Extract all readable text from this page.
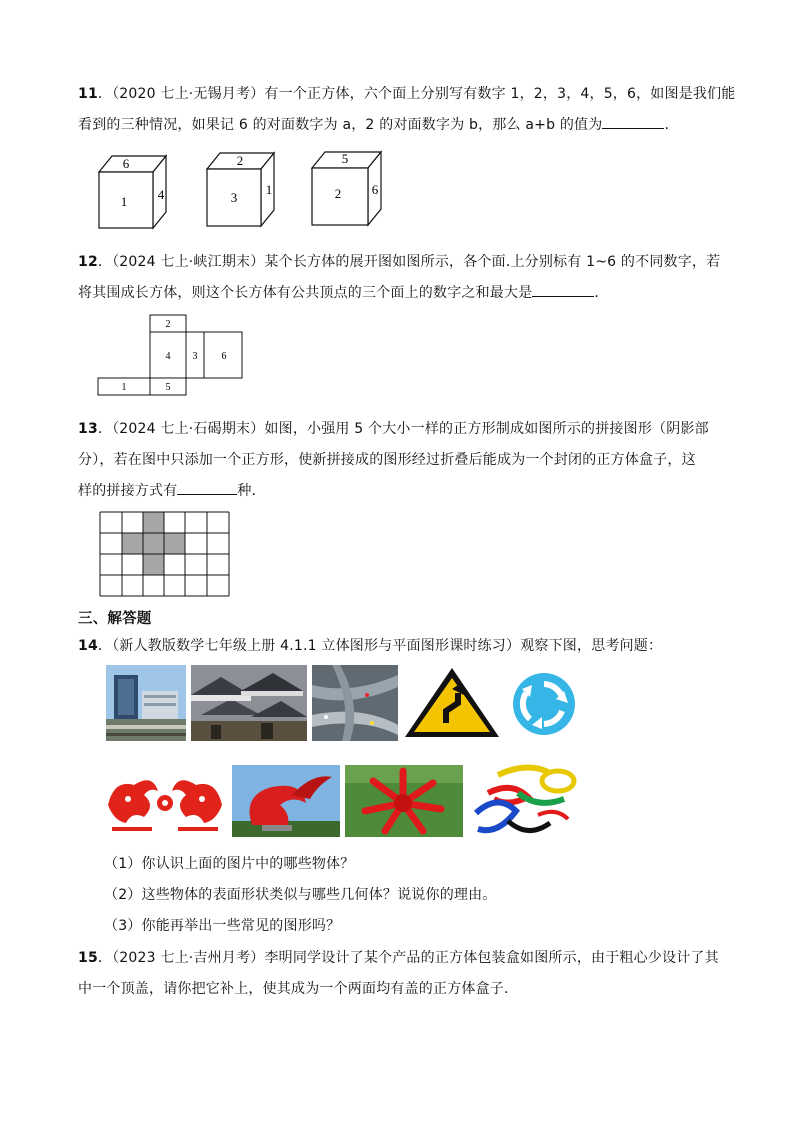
11．（2020 七上·无锡月考）有一个正方体，六个面上分别写有数字 1，2，3，4，5，6，如图是我们能
看到的三种情况，如果记 6 的对面数字为 a，2 的对面数字为 b，那么 a+b 的值为	.
6
1 4
2
3
1
5
2 6
12．（2024 七上·峡江期末）某个长方体的展开图如图所示，各个面.上分别标有 1~6 的不同数字，若
将其围成长方体，则这个长方体有公共顶点的三个面上的数字之和最大是	．
2
4 3 6
1	5
13．（2024 七上·石碣期末）如图，小强用 5 个大小一样的正方形制成如图所示的拼接图形（阴影部
分），若在图中只添加一个正方形，使新拼接成的图形经过折叠后能成为一个封闭的正方体盒子，这
样的拼接方式有	种．
三、解答题
14．（新人教版数学七年级上册 4.1.1 立体图形与平面图形课时练习）观察下图，思考问题：
（1）你认识上面的图片中的哪些物体？
（2）这些物体的表面形状类似与哪些几何体？说说你的理由。
（3）你能再举出一些常见的图形吗？
15．（2023 七上·吉州月考）李明同学设计了某个产品的正方体包装盒如图所示，由于粗心少设计了其
中一个顶盖，请你把它补上，使其成为一个两面均有盖的正方体盒子．
